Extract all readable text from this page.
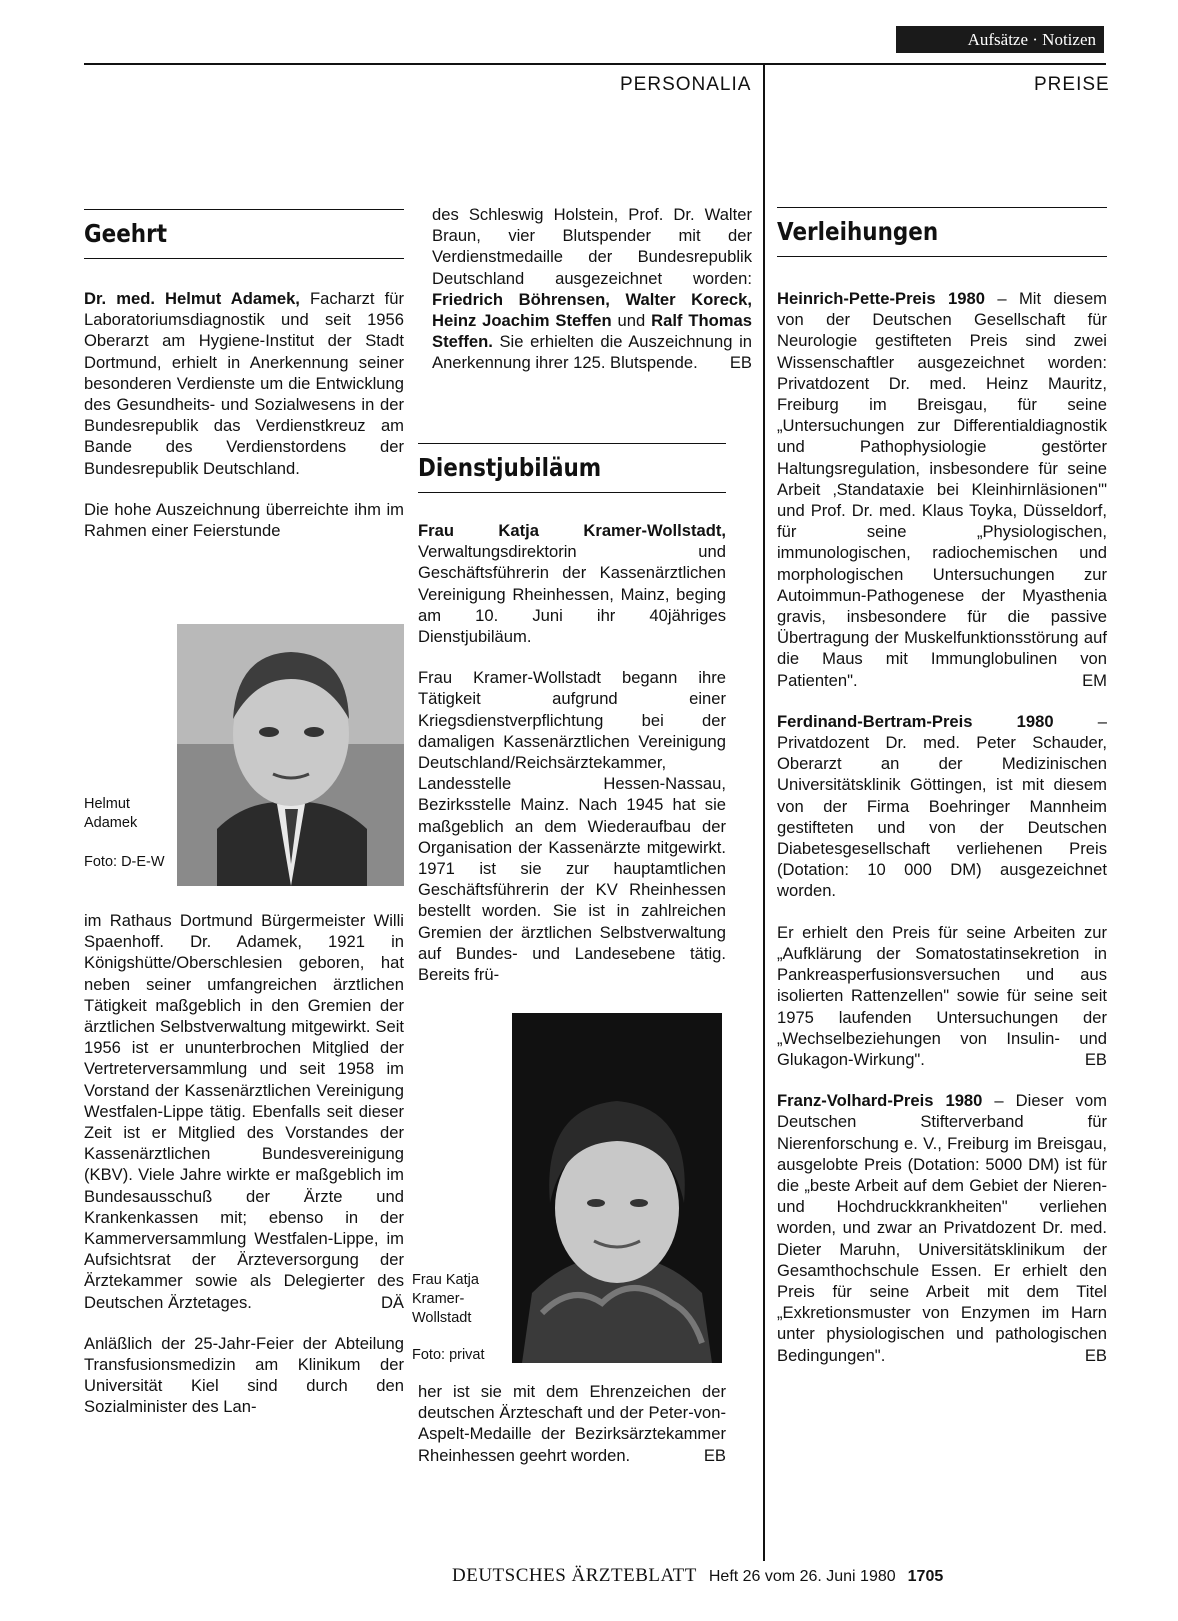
Aufsätze · Notizen
PERSONALIA	PREISE
Geehrt

Dr. med. Helmut Adamek, Facharzt für Laboratoriumsdiagnostik und seit 1956 Oberarzt am Hygiene-Institut der Stadt Dortmund, erhielt in Anerkennung seiner besonderen Verdienste um die Entwicklung des Gesundheits- und Sozialwesens in der Bundesrepublik das Verdienstkreuz am Bande des Verdienstordens der Bundesrepublik Deutschland.

Die hohe Auszeichnung überreichte ihm im Rahmen einer Feierstunde

Helmut Adamek
Foto: D-E-W

im Rathaus Dortmund Bürgermeister Willi Spaenhoff. Dr. Adamek, 1921 in Königshütte/Oberschlesien geboren, hat neben seiner umfangreichen ärztlichen Tätigkeit maßgeblich in den Gremien der ärztlichen Selbstverwaltung mitgewirkt. Seit 1956 ist er ununterbrochen Mitglied der Vertreterversammlung und seit 1958 im Vorstand der Kassenärztlichen Vereinigung Westfalen-Lippe tätig. Ebenfalls seit dieser Zeit ist er Mitglied des Vorstandes der Kassenärztlichen Bundesvereinigung (KBV). Viele Jahre wirkte er maßgeblich im Bundesausschuß der Ärzte und Krankenkassen mit; ebenso in der Kammerversammlung Westfalen-Lippe, im Aufsichtsrat der Ärzteversorgung der Ärztekammer sowie als Delegierter des Deutschen Ärztetages.	DÄ

Anläßlich der 25-Jahr-Feier der Abteilung Transfusionsmedizin am Klinikum der Universität Kiel sind durch den Sozialminister des Lan-

des Schleswig Holstein, Prof. Dr. Walter Braun, vier Blutspender mit der Verdienstmedaille der Bundesrepublik Deutschland ausgezeichnet worden: Friedrich Böhrensen, Walter Koreck, Heinz Joachim Steffen und Ralf Thomas Steffen. Sie erhielten die Auszeichnung in Anerkennung ihrer 125. Blutspende. EB

Dienstjubiläum

Frau Katja Kramer-Wollstadt, Verwaltungsdirektorin und Geschäftsführerin der Kassenärztlichen Vereinigung Rheinhessen, Mainz, beging am 10. Juni ihr 40jähriges Dienstjubiläum.

Frau Kramer-Wollstadt begann ihre Tätigkeit aufgrund einer Kriegsdienstverpflichtung bei der damaligen Kassenärztlichen Vereinigung Deutschland/Reichsärztekammer, Landesstelle Hessen-Nassau, Bezirksstelle Mainz. Nach 1945 hat sie maßgeblich an dem Wiederaufbau der Organisation der Kassenärzte mitgewirkt. 1971 ist sie zur hauptamtlichen Geschäftsführerin der KV Rheinhessen bestellt worden. Sie ist in zahlreichen Gremien der ärztlichen Selbstverwaltung auf Bundes- und Landesebene tätig. Bereits frü-

Frau Katja Kramer-Wollstadt
Foto: privat

her ist sie mit dem Ehrenzeichen der deutschen Ärzteschaft und der Peter-von-Aspelt-Medaille der Bezirksärztekammer Rheinhessen geehrt worden.	EB

Verleihungen

Heinrich-Pette-Preis 1980 – Mit diesem von der Deutschen Gesellschaft für Neurologie gestifteten Preis sind zwei Wissenschaftler ausgezeichnet worden: Privatdozent Dr. med. Heinz Mauritz, Freiburg im Breisgau, für seine „Untersuchungen zur Differentialdiagnostik und Pathophysiologie gestörter Haltungsregulation, insbesondere für seine Arbeit ‚Standataxie bei Kleinhirnläsionen'" und Prof. Dr. med. Klaus Toyka, Düsseldorf, für seine „Physiologischen, immunologischen, radiochemischen und morphologischen Untersuchungen zur Autoimmun-Pathogenese der Myasthenia gravis, insbesondere für die passive Übertragung der Muskelfunktionsstörung auf die Maus mit Immunglobulinen von Patienten".	EM

Ferdinand-Bertram-Preis 1980 – Privatdozent Dr. med. Peter Schauder, Oberarzt an der Medizinischen Universitätsklinik Göttingen, ist mit diesem von der Firma Boehringer Mannheim gestifteten und von der Deutschen Diabetesgesellschaft verliehenen Preis (Dotation: 10 000 DM) ausgezeichnet worden.

Er erhielt den Preis für seine Arbeiten zur „Aufklärung der Somatostatinsekretion in Pankreasperfusionsversuchen und aus isolierten Rattenzellen" sowie für seine seit 1975 laufenden Untersuchungen der „Wechselbeziehungen von Insulin- und Glukagon-Wirkung".	EB

Franz-Volhard-Preis 1980 – Dieser vom Deutschen Stifterverband für Nierenforschung e. V., Freiburg im Breisgau, ausgelobte Preis (Dotation: 5000 DM) ist für die „beste Arbeit auf dem Gebiet der Nieren- und Hochdruckkrankheiten" verliehen worden, und zwar an Privatdozent Dr. med. Dieter Maruhn, Universitätsklinikum der Gesamthochschule Essen. Er erhielt den Preis für seine Arbeit mit dem Titel „Exkretionsmuster von Enzymen im Harn unter physiologischen und pathologischen Bedingungen".	EB

DEUTSCHES ÄRZTEBLATT Heft 26 vom 26. Juni 1980 1705
